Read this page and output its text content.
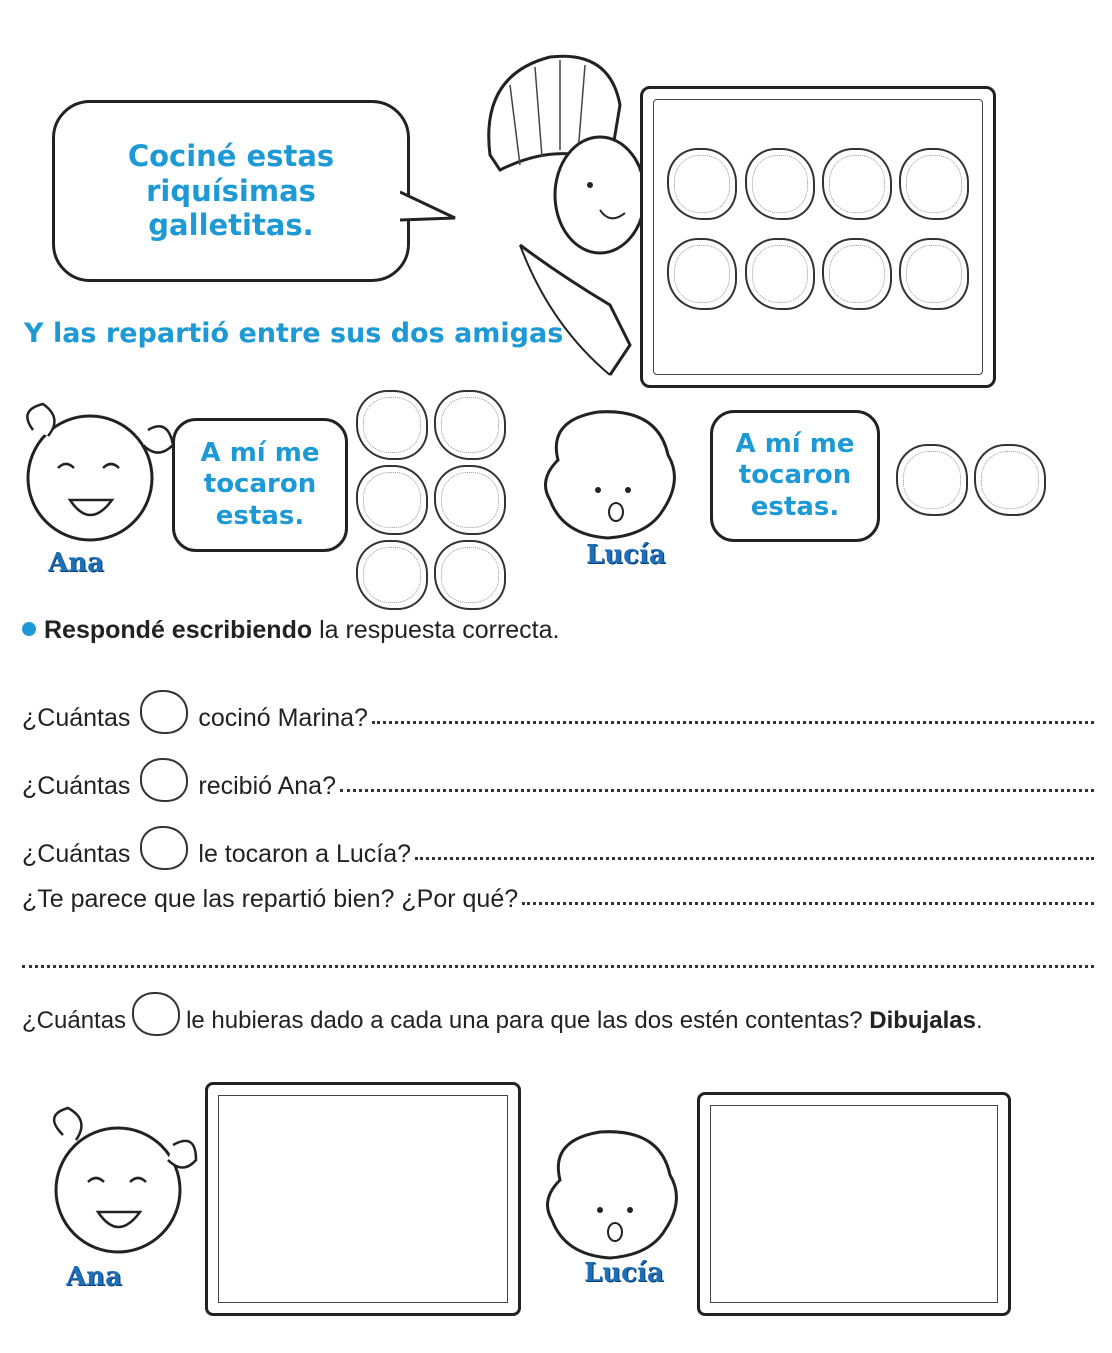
Cociné estas
riquísimas
galletitas.
Y las repartió entre sus dos amigas
Ana
A mí me
tocaron
estas.
Lucía
A mí me
tocaron
estas.
Respondé escribiendo la respuesta correcta.
¿Cuántas	cocinó Marina?
¿Cuántas	recibió Ana?
¿Cuántas	le tocaron a Lucía?
¿Te parece que las repartió bien? ¿Por qué?
¿Cuántas	le hubieras dado a cada una para que las dos estén contentas?
Dibujalas .
Ana	Lucía
